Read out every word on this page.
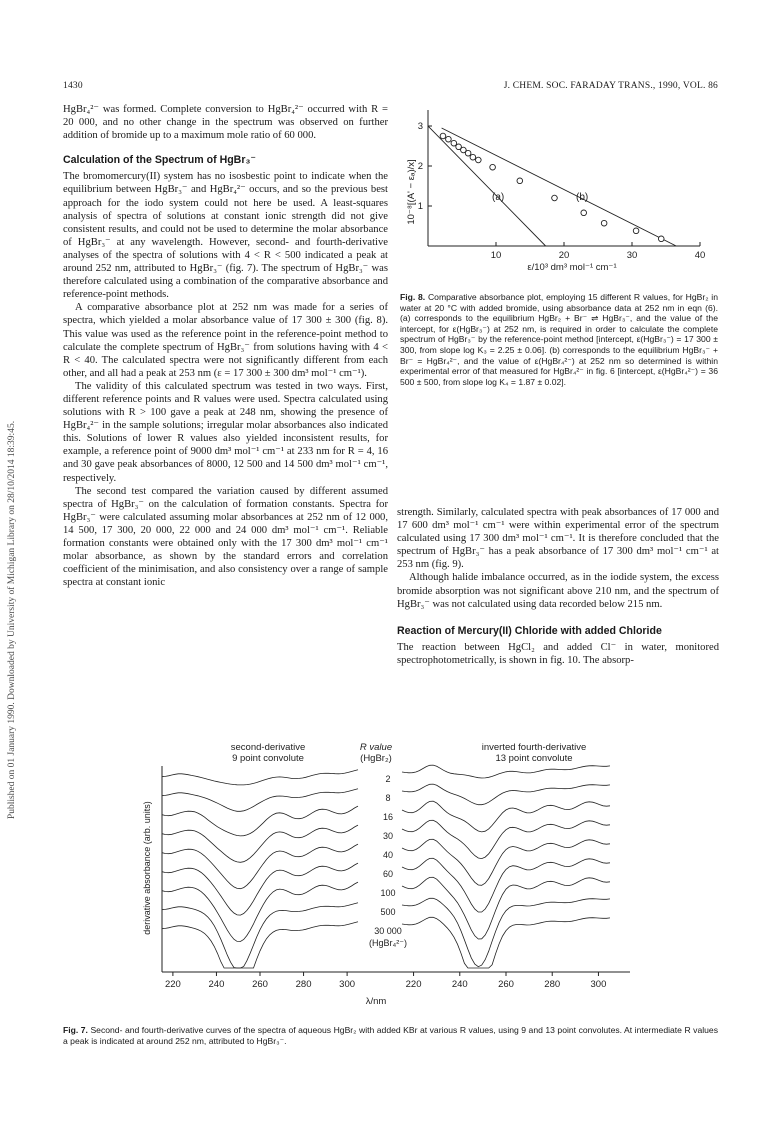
Published on 01 January 1990. Downloaded by University of Michigan Library on 28/10/2014 18:39:45.
1430	J. CHEM. SOC. FARADAY TRANS., 1990, VOL. 86

HgBr₄²⁻ was formed. Complete conversion to HgBr₄²⁻ occurred with R = 20 000, and no other change in the spectrum was observed on further addition of bromide up to a maximum mole ratio of 60 000.

Calculation of the Spectrum of HgBr₃⁻

The bromomercury(II) system has no isosbestic point to indicate when the equilibrium between HgBr₃⁻ and HgBr₄²⁻ occurs, and so the previous best approach for the iodo system could not here be used. A least-squares analysis of spectra of solutions at constant ionic strength did not give consistent results, and could not be used to determine the molar absorbance of HgBr₃⁻ at any wavelength. However, second- and fourth-derivative analyses of the spectra of solutions with 4 < R < 500 indicated a peak at around 252 nm, attributed to HgBr₃⁻ (fig. 7). The spectrum of HgBr₃⁻ was therefore calculated using a combination of the comparative absorbance and reference-point methods.

A comparative absorbance plot at 252 nm was made for a series of spectra, which yielded a molar absorbance value of 17 300 ± 300 (fig. 8). This value was used as the reference point in the reference-point method to calculate the complete spectrum of HgBr₃⁻ from solutions having with 4 < R < 40. The calculated spectra were not significantly different from each other, and all had a peak at 253 nm (ε = 17 300 ± 300 dm³ mol⁻¹ cm⁻¹).

The validity of this calculated spectrum was tested in two ways. First, different reference points and R values were used. Spectra calculated using solutions with R > 100 gave a peak at 248 nm, showing the presence of HgBr₄²⁻ in the sample solutions; irregular molar absorbances also indicated this. Solutions of lower R values also yielded inconsistent results, for example, a reference point of 9000 dm³ mol⁻¹ cm⁻¹ at 233 nm for R = 4, 16 and 30 gave peak absorbances of 8000, 12 500 and 14 500 dm³ mol⁻¹ cm⁻¹, respectively.

The second test compared the variation caused by different assumed spectra of HgBr₃⁻ on the calculation of formation constants. Spectra for HgBr₃⁻ were calculated assuming molar absorbances at 252 nm of 12 000, 14 500, 17 300, 20 000, 22 000 and 24 000 dm³ mol⁻¹ cm⁻¹. Reliable formation constants were obtained only with the 17 300 dm³ mol⁻¹ cm⁻¹ molar absorbance, as shown by the standard errors and correlation coefficient of the minimisation, and also consistency over a range of sample spectra at constant ionic

10	20	30	40
1
2
3
(a)	(b)
10⁻⁸[(A' − εₐ)/x]
ε/10³ dm³ mol⁻¹ cm⁻¹
Fig. 8. Comparative absorbance plot, employing 15 different R values, for HgBr₂ in water at 20 °C with added bromide, using absorbance data at 252 nm in eqn (6). (a) corresponds to the equilibrium HgBr₂ + Br⁻ ⇌ HgBr₃⁻, and the value of the intercept, for ε(HgBr₃⁻) at 252 nm, is required in order to calculate the complete spectrum of HgBr₃⁻ by the reference-point method [intercept, ε(HgBr₃⁻) = 17 300 ± 300, from slope log K₃ = 2.25 ± 0.06]. (b) corresponds to the equilibrium HgBr₃⁻ + Br⁻ = HgBr₄²⁻, and the value of ε(HgBr₄²⁻) at 252 nm so determined is within experimental error of that measured for HgBr₄²⁻ in fig. 6 [intercept, ε(HgBr₄²⁻) = 36 500 ± 500, from slope log K₄ = 1.87 ± 0.02].

strength. Similarly, calculated spectra with peak absorbances of 17 000 and 17 600 dm³ mol⁻¹ cm⁻¹ were within experimental error of the spectrum calculated using 17 300 dm³ mol⁻¹ cm⁻¹. It is therefore concluded that the spectrum of HgBr₃⁻ has a peak absorbance of 17 300 dm³ mol⁻¹ cm⁻¹ at 253 nm (fig. 9).

Although halide imbalance occurred, as in the iodide system, the excess bromide absorption was not significant above 210 nm, and the spectrum of HgBr₃⁻ was not calculated using data recorded below 215 nm.

Reaction of Mercury(II) Chloride with added Chloride

The reaction between HgCl₂ and added Cl⁻ in water, monitored spectrophotometrically, is shown in fig. 10. The absorp-

second-derivative
9 point convolute
R value
(HgBr₂)
inverted fourth-derivative
13 point convolute
derivative absorbance (arb. units)
2
8
16
30
40
60
100
500
30 000
(HgBr₄²⁻)
220	240	260	280	300	220	240	260	280	300
λ/nm
Fig. 7. Second- and fourth-derivative curves of the spectra of aqueous HgBr₂ with added KBr at various R values, using 9 and 13 point convolutes. At intermediate R values a peak is indicated at around 252 nm, attributed to HgBr₃⁻.
